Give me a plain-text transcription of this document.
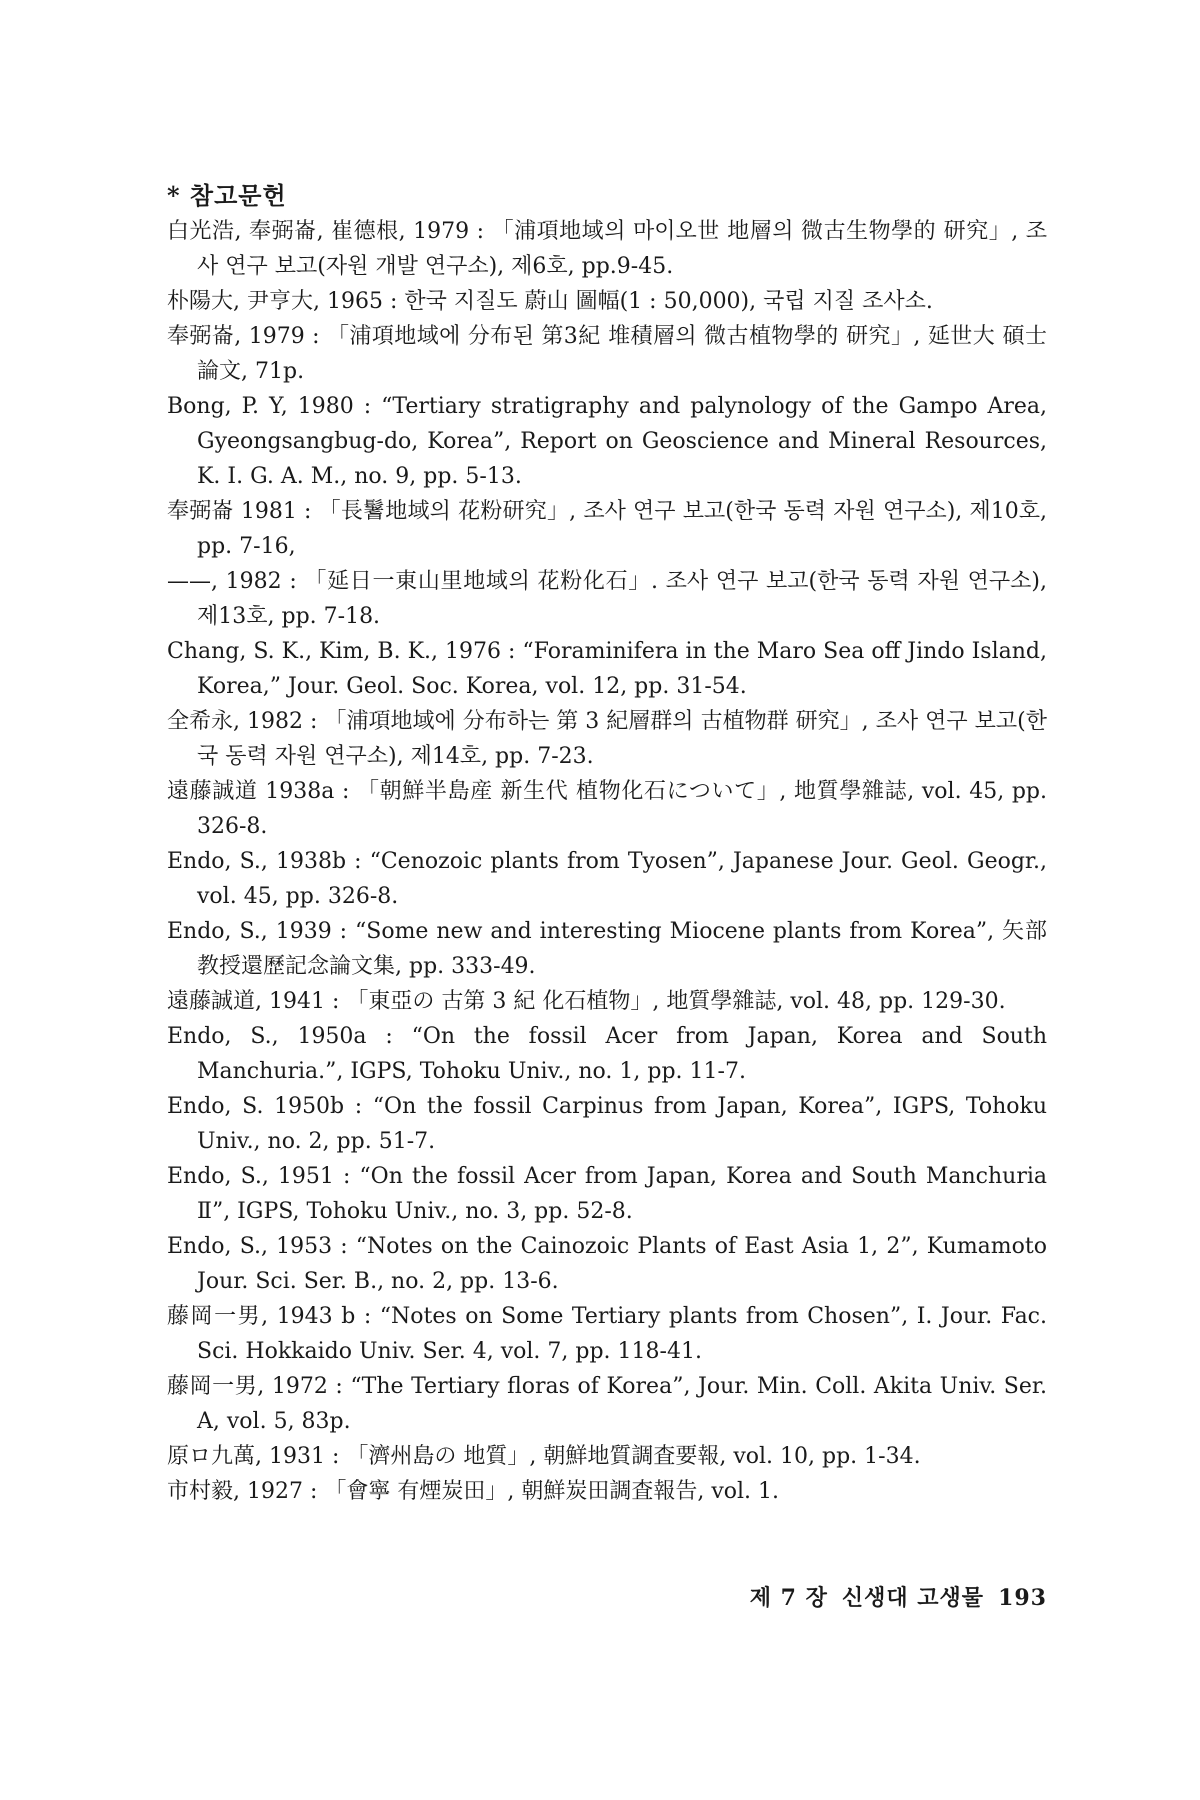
* 참고문헌

白光浩, 奉弼崙, 崔德根, 1979 : 「浦項地域의 마이오世 地層의 微古生物學的 研究」, 조사 연구 보고(자원 개발 연구소), 제6호, pp.9-45.

朴陽大, 尹亨大, 1965 : 한국 지질도 蔚山 圖幅(1 : 50,000), 국립 지질 조사소.

奉弼崙, 1979 : 「浦項地域에 分布된 第3紀 堆積層의 微古植物學的 研究」, 延世大 碩士 論文, 71p.

Bong, P. Y, 1980 : “Tertiary stratigraphy and palynology of the Gampo Area, Gyeongsangbug-do, Korea”, Report on Geoscience and Mineral Resources, K. I. G. A. M., no. 9, pp. 5-13.

奉弼崙 1981 : 「長鬐地域의 花粉研究」, 조사 연구 보고(한국 동력 자원 연구소), 제10호, pp. 7-16,

——, 1982 : 「延日一東山里地域의 花粉化石」. 조사 연구 보고(한국 동력 자원 연구소), 제13호, pp. 7-18.

Chang, S. K., Kim, B. K., 1976 : “Foraminifera in the Maro Sea off Jindo Island, Korea,” Jour. Geol. Soc. Korea, vol. 12, pp. 31-54.

全希永, 1982 : 「浦項地域에 分布하는 第 3 紀層群의 古植物群 研究」, 조사 연구 보고(한국 동력 자원 연구소), 제14호, pp. 7-23.

遠藤誠道 1938a : 「朝鮮半島産 新生代 植物化石について」, 地質學雜誌, vol. 45, pp. 326-8.

Endo, S., 1938b : “Cenozoic plants from Tyosen”, Japanese Jour. Geol. Geogr., vol. 45, pp. 326-8.

Endo, S., 1939 : “Some new and interesting Miocene plants from Korea”, 矢部教授還歷記念論文集, pp. 333-49.

遠藤誠道, 1941 : 「東亞の 古第 3 紀 化石植物」, 地質學雜誌, vol. 48, pp. 129-30.

Endo, S., 1950a : “On the fossil Acer from Japan, Korea and South Manchuria.”, IGPS, Tohoku Univ., no. 1, pp. 11-7.

Endo, S. 1950b : “On the fossil Carpinus from Japan, Korea”, IGPS, Tohoku Univ., no. 2, pp. 51-7.

Endo, S., 1951 : “On the fossil Acer from Japan, Korea and South Manchuria Ⅱ”, IGPS, Tohoku Univ., no. 3, pp. 52-8.

Endo, S., 1953 : “Notes on the Cainozoic Plants of East Asia 1, 2”, Kumamoto Jour. Sci. Ser. B., no. 2, pp. 13-6.

藤岡一男, 1943 b : “Notes on Some Tertiary plants from Chosen”, I. Jour. Fac. Sci. Hokkaido Univ. Ser. 4, vol. 7, pp. 118-41.

藤岡一男, 1972 : “The Tertiary floras of Korea”, Jour. Min. Coll. Akita Univ. Ser. A, vol. 5, 83p.

原ロ九萬, 1931 : 「濟州島の 地質」, 朝鮮地質調査要報, vol. 10, pp. 1-34.

市村毅, 1927 : 「會寧 有煙炭田」, 朝鮮炭田調査報告, vol. 1.

제 7 장 신생대 고생물 193
